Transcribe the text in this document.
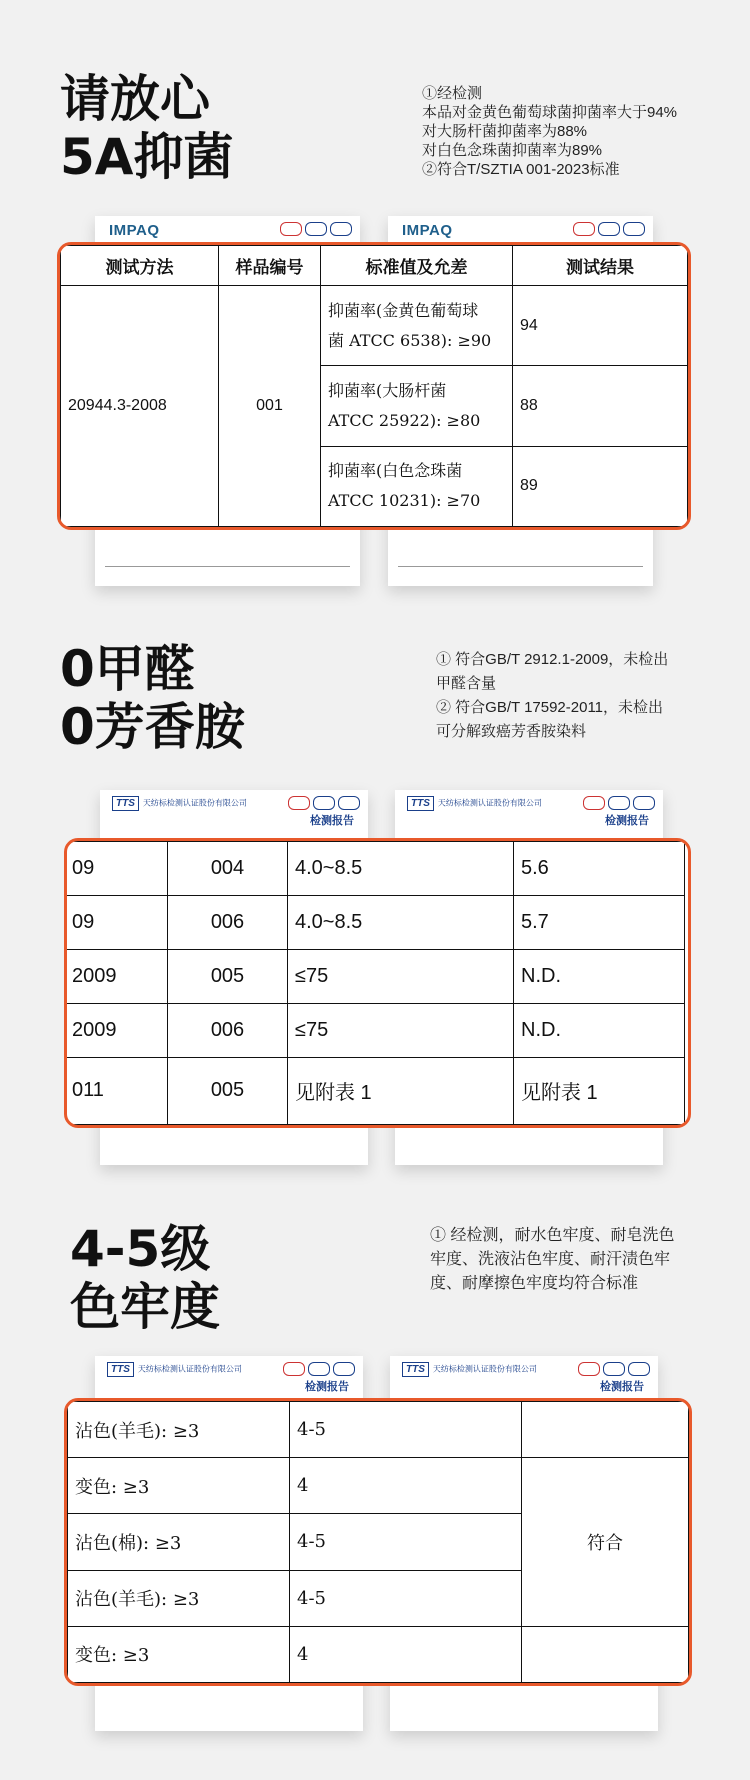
请放心
5A抑菌
①经检测
本品对金黄色葡萄球菌抑菌率大于94%
对大肠杆菌抑菌率为88%
对白色念珠菌抑菌率为89%
②符合T/SZTIA 001-2023标准
IMPAQ	IMPAQ
测试方法	样品编号	标准值及允差	测试结果
20944.3-2008	001	抑菌率(金黄色葡萄球
菌 ATCC 6538): ≥90	94

		抑菌率(大肠杆菌
ATCC 25922): ≥80	88

		抑菌率(白色念珠菌
ATCC 10231): ≥70	89
0甲醛
0芳香胺
① 符合GB/T 2912.1-2009，未检出
甲醛含量
② 符合GB/T 17592-2011，未检出
可分解致癌芳香胺染料
TTS 天纺标检测认证股份有限公司
检测报告
TTS 天纺标检测认证股份有限公司
检测报告
09	004	4.0~8.5	5.6
09	006	4.0~8.5	5.7
2009	005	≤75	N.D.
2009	006	≤75	N.D.
011	005	见附表 1	见附表 1
4-5级
色牢度
① 经检测，耐水色牢度、耐皂洗色
牢度、洗液沾色牢度、耐汗渍色牢
度、耐摩擦色牢度均符合标准
TTS 天纺标检测认证股份有限公司
检测报告
TTS 天纺标检测认证股份有限公司
检测报告
沾色(羊毛): ≥3	4-5	
变色: ≥3	4	符合
沾色(棉): ≥3	4-5	
沾色(羊毛): ≥3	4-5	
变色: ≥3	4	
